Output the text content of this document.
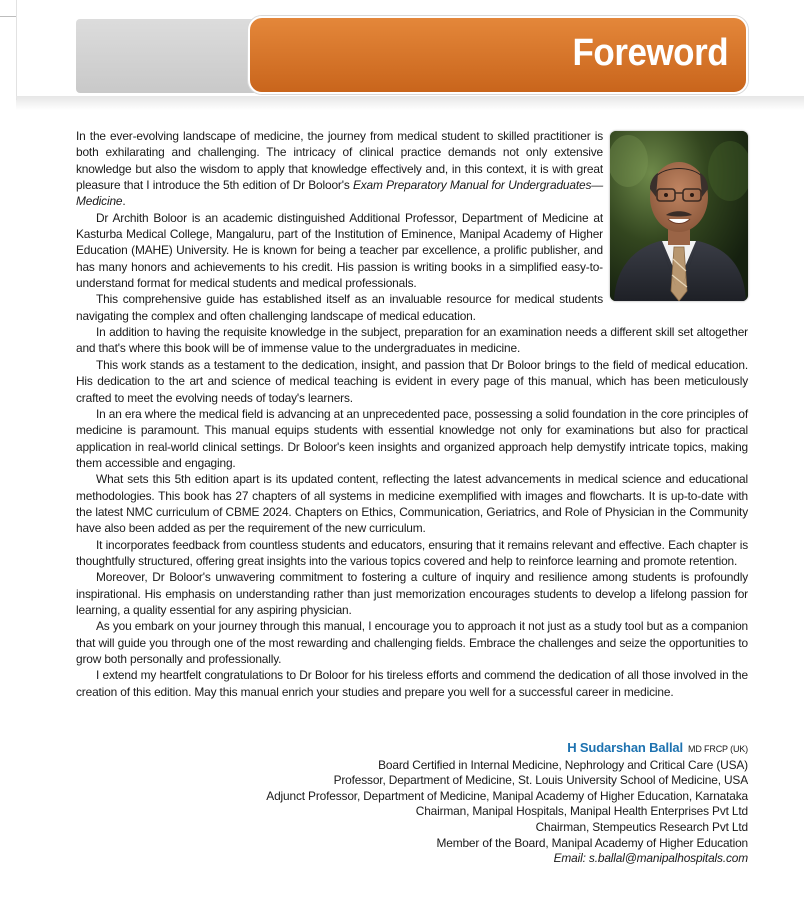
Foreword

In the ever-evolving landscape of medicine, the journey from medical student to skilled practitioner is both exhilarating and challenging. The intricacy of clinical practice demands not only extensive knowledge but also the wisdom to apply that knowledge effectively and, in this context, it is with great pleasure that I introduce the 5th edition of Dr Boloor's Exam Preparatory Manual for Undergraduates—Medicine.

Dr Archith Boloor is an academic distinguished Additional Professor, Department of Medicine at Kasturba Medical College, Mangaluru, part of the Institution of Eminence, Manipal Academy of Higher Education (MAHE) University. He is known for being a teacher par excellence, a prolific publisher, and has many honors and achievements to his credit. His passion is writing books in a simplified easy-to-understand format for medical students and medical professionals.

This comprehensive guide has established itself as an invaluable resource for medical students navigating the complex and often challenging landscape of medical education.

In addition to having the requisite knowledge in the subject, preparation for an examination needs a different skill set altogether and that's where this book will be of immense value to the undergraduates in medicine.

This work stands as a testament to the dedication, insight, and passion that Dr Boloor brings to the field of medical education. His dedication to the art and science of medical teaching is evident in every page of this manual, which has been meticulously crafted to meet the evolving needs of today's learners.

In an era where the medical field is advancing at an unprecedented pace, possessing a solid foundation in the core principles of medicine is paramount. This manual equips students with essential knowledge not only for examinations but also for practical application in real-world clinical settings. Dr Boloor's keen insights and organized approach help demystify intricate topics, making them accessible and engaging.

What sets this 5th edition apart is its updated content, reflecting the latest advancements in medical science and educational methodologies. This book has 27 chapters of all systems in medicine exemplified with images and flowcharts. It is up-to-date with the latest NMC curriculum of CBME 2024. Chapters on Ethics, Communication, Geriatrics, and Role of Physician in the Community have also been added as per the requirement of the new curriculum.

It incorporates feedback from countless students and educators, ensuring that it remains relevant and effective. Each chapter is thoughtfully structured, offering great insights into the various topics covered and help to reinforce learning and promote retention.

Moreover, Dr Boloor's unwavering commitment to fostering a culture of inquiry and resilience among students is profoundly inspirational. His emphasis on understanding rather than just memorization encourages students to develop a lifelong passion for learning, a quality essential for any aspiring physician.

As you embark on your journey through this manual, I encourage you to approach it not just as a study tool but as a companion that will guide you through one of the most rewarding and challenging fields. Embrace the challenges and seize the opportunities to grow both personally and professionally.

I extend my heartfelt congratulations to Dr Boloor for his tireless efforts and commend the dedication of all those involved in the creation of this edition. May this manual enrich your studies and prepare you well for a successful career in medicine.

H Sudarshan Ballal MD FRCP (UK)
Board Certified in Internal Medicine, Nephrology and Critical Care (USA)
Professor, Department of Medicine, St. Louis University School of Medicine, USA
Adjunct Professor, Department of Medicine, Manipal Academy of Higher Education, Karnataka
Chairman, Manipal Hospitals, Manipal Health Enterprises Pvt Ltd
Chairman, Stempeutics Research Pvt Ltd
Member of the Board, Manipal Academy of Higher Education
Email: s.ballal@manipalhospitals.com
